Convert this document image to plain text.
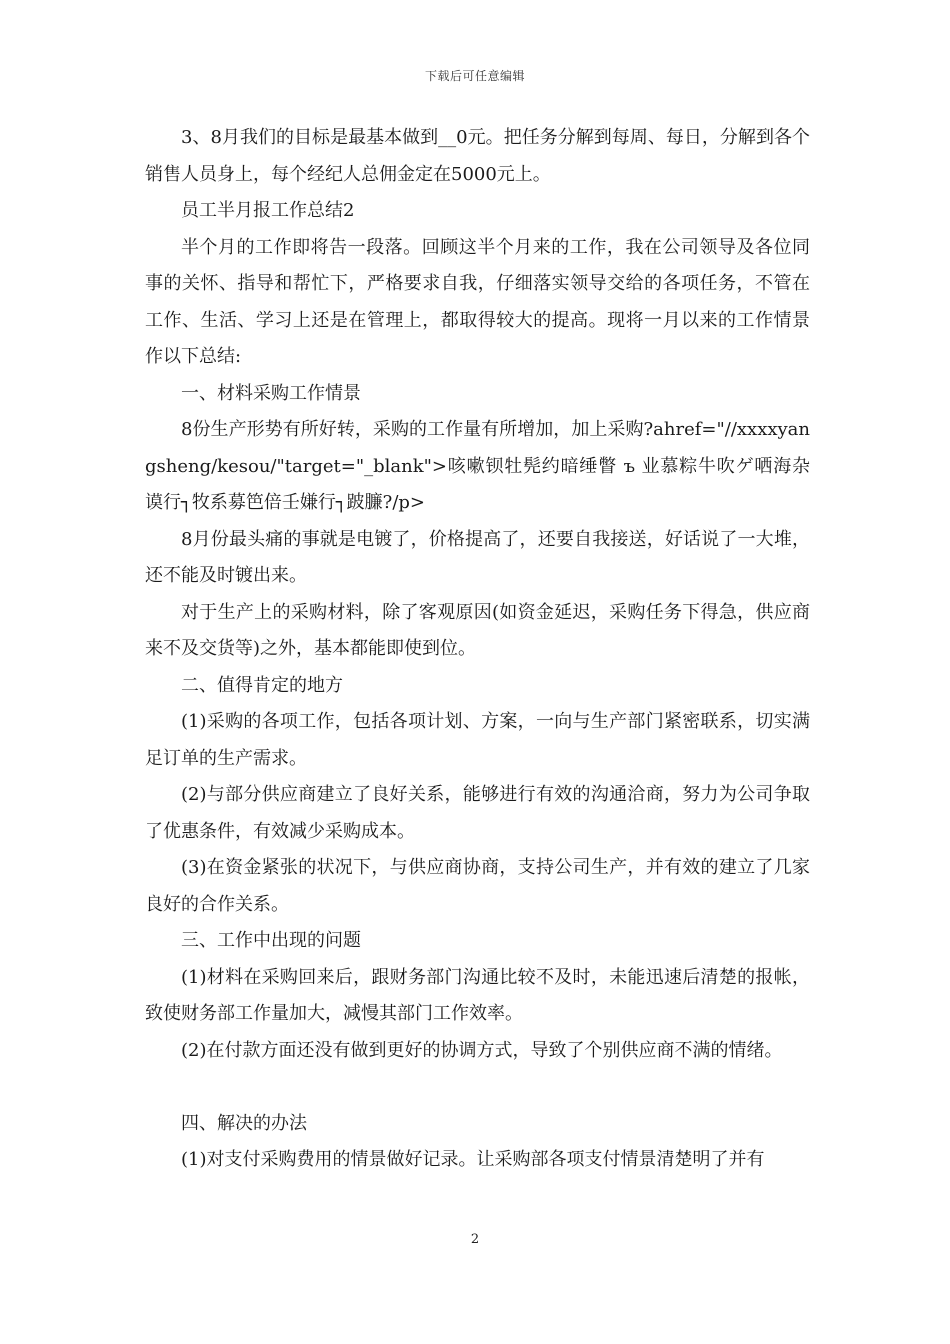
下载后可任意编辑

3、8月我们的目标是最基本做到__0元。把任务分解到每周、每日，分解到各个销售人员身上，每个经纪人总佣金定在5000元上。

员工半月报工作总结2

半个月的工作即将告一段落。回顾这半个月来的工作，我在公司领导及各位同事的关怀、指导和帮忙下，严格要求自我，仔细落实领导交给的各项任务，不管在工作、生活、学习上还是在管理上，都取得较大的提高。现将一月以来的工作情景作以下总结:

一、材料采购工作情景

8份生产形势有所好转，采购的工作量有所增加，加上采购?ahref="//xxxxyangsheng/kesou/"target="_blank">咳嗽钡牡髡约暗缍瞥 ъ 业慕粽牛吹ゲ哂海杂谟行┐牧系募笆倍壬嫌行┐跛臁?/p>

8月份最头痛的事就是电镀了，价格提高了，还要自我接送，好话说了一大堆，还不能及时镀出来。

对于生产上的采购材料，除了客观原因(如资金延迟，采购任务下得急，供应商来不及交货等)之外，基本都能即使到位。

二、值得肯定的地方

(1)采购的各项工作，包括各项计划、方案，一向与生产部门紧密联系，切实满足订单的生产需求。

(2)与部分供应商建立了良好关系，能够进行有效的沟通洽商，努力为公司争取了优惠条件，有效减少采购成本。

(3)在资金紧张的状况下，与供应商协商，支持公司生产，并有效的建立了几家良好的合作关系。

三、工作中出现的问题

(1)材料在采购回来后，跟财务部门沟通比较不及时，未能迅速后清楚的报帐，致使财务部工作量加大，减慢其部门工作效率。

(2)在付款方面还没有做到更好的协调方式，导致了个别供应商不满的情绪。

四、解决的办法

(1)对支付采购费用的情景做好记录。让采购部各项支付情景清楚明了并有

2
